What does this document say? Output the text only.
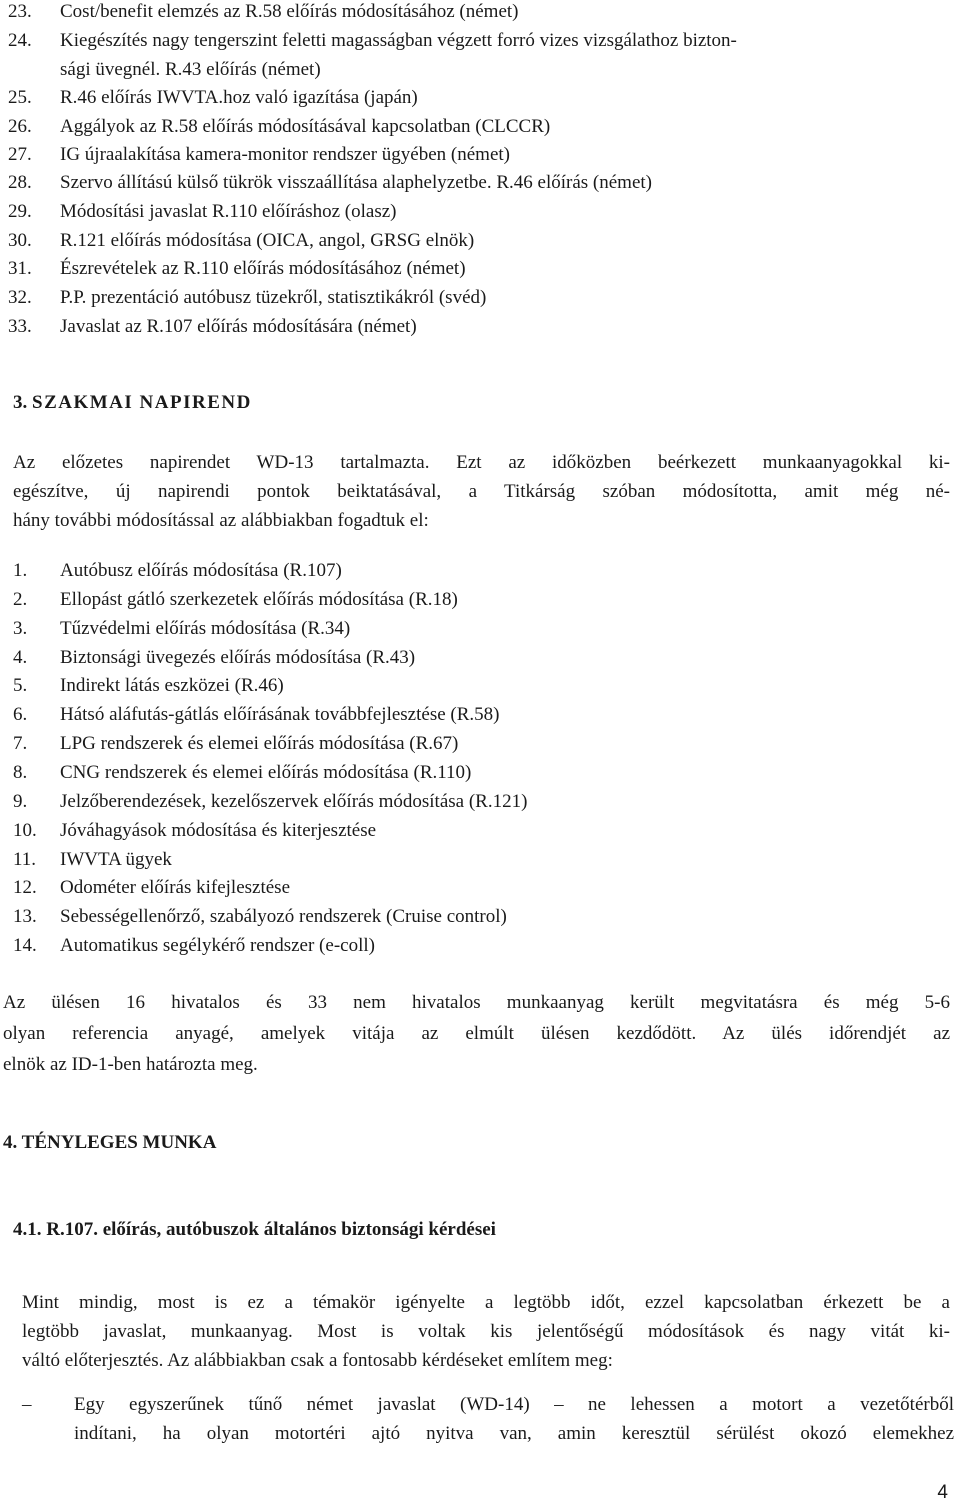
23.	Cost/benefit elemzés az R.58 előírás módosításához (német)
24.	Kiegészítés nagy tengerszint feletti magasságban végzett forró vizes vizsgálathoz bizton-
sági üvegnél. R.43 előírás (német)
25.	R.46 előírás IWVTA.hoz való igazítása (japán)
26.	Aggályok az R.58 előírás módosításával kapcsolatban (CLCCR)
27.	IG újraalakítása kamera-monitor rendszer ügyében (német)
28.	Szervo állítású külső tükrök visszaállítása alaphelyzetbe. R.46 előírás (német)
29.	Módosítási javaslat R.110 előíráshoz (olasz)
30.	R.121 előírás módosítása (OICA, angol, GRSG elnök)
31.	Észrevételek az R.110 előírás módosításához (német)
32.	P.P. prezentáció autóbusz tüzekről, statisztikákról (svéd)
33.	Javaslat az R.107 előírás módosítására (német)
3. SZAKMAI NAPIREND

Az előzetes napirendet WD-13 tartalmazta. Ezt az időközben beérkezett munkaanyagokkal ki-

egészítve, új napirendi pontok beiktatásával, a Titkárság szóban módosította, amit még né-

hány további módosítással az alábbiakban fogadtuk el:

1.	Autóbusz előírás módosítása (R.107)
2.	Ellopást gátló szerkezetek előírás módosítása (R.18)
3.	Tűzvédelmi előírás módosítása (R.34)
4.	Biztonsági üvegezés előírás módosítása (R.43)
5.	Indirekt látás eszközei (R.46)
6.	Hátsó aláfutás-gátlás előírásának továbbfejlesztése (R.58)
7.	LPG rendszerek és elemei előírás módosítása (R.67)
8.	CNG rendszerek és elemei előírás módosítása (R.110)
9.	Jelzőberendezések, kezelőszervek előírás módosítása (R.121)
10.	Jóváhagyások módosítása és kiterjesztése
11.	IWVTA ügyek
12.	Odométer előírás kifejlesztése
13.	Sebességellenőrző, szabályozó rendszerek (Cruise control)
14.	Automatikus segélykérő rendszer (e-coll)

Az ülésen 16 hivatalos és 33 nem hivatalos munkaanyag került megvitatásra és még 5-6

olyan referencia anyagé, amelyek vitája az elmúlt ülésen kezdődött. Az ülés időrendjét az

elnök az ID-1-ben határozta meg.

4. TÉNYLEGES MUNKA
4.1. R.107. előírás, autóbuszok általános biztonsági kérdései

Mint mindig, most is ez a témakör igényelte a legtöbb időt, ezzel kapcsolatban érkezett be a

legtöbb javaslat, munkaanyag. Most is voltak kis jelentőségű módosítások és nagy vitát ki-

váltó előterjesztés. Az alábbiakban csak a fontosabb kérdéseket említem meg:

– Egy egyszerűnek tűnő német javaslat (WD-14) – ne lehessen a motort a vezetőtérből
indítani, ha olyan motortéri ajtó nyitva van, amin keresztül sérülést okozó elemekhez
4
